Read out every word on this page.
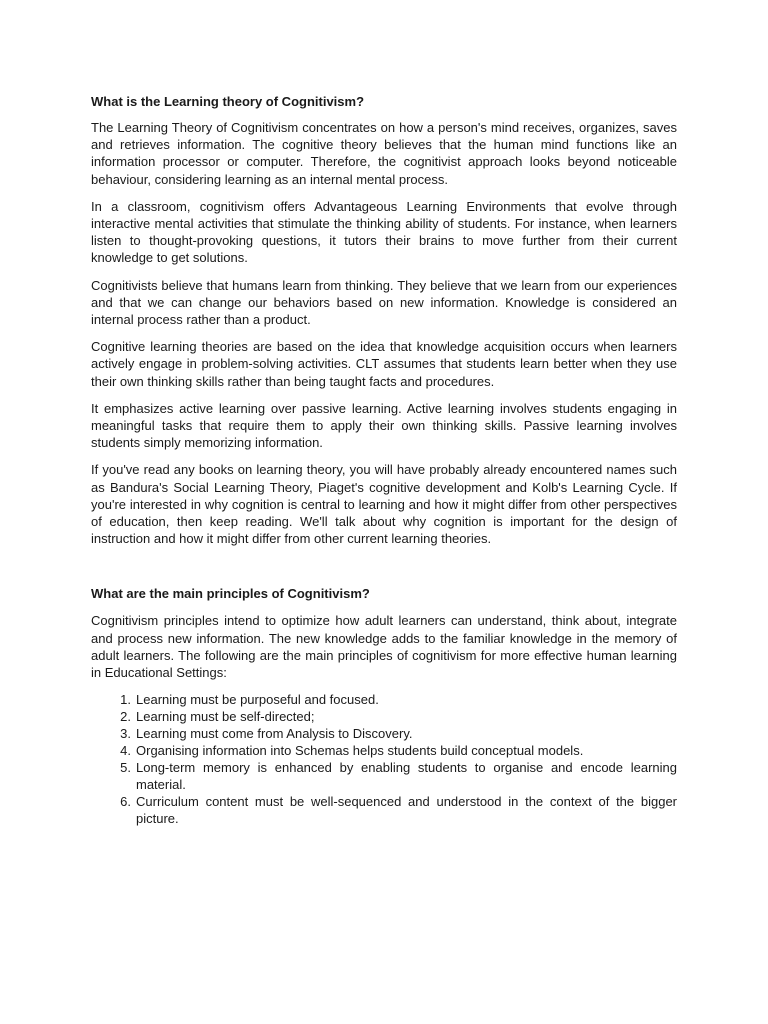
What is the Learning theory of Cognitivism?

The Learning Theory of Cognitivism concentrates on how a person's mind receives, organizes, saves and retrieves information. The cognitive theory believes that the human mind functions like an information processor or computer. Therefore, the cognitivist approach looks beyond noticeable behaviour, considering learning as an internal mental process.

In a classroom, cognitivism offers Advantageous Learning Environments that evolve through interactive mental activities that stimulate the thinking ability of students. For instance, when learners listen to thought-provoking questions, it tutors their brains to move further from their current knowledge to get solutions.

Cognitivists believe that humans learn from thinking. They believe that we learn from our experiences and that we can change our behaviors based on new information. Knowledge is considered an internal process rather than a product.

Cognitive learning theories are based on the idea that knowledge acquisition occurs when learners actively engage in problem-solving activities. CLT assumes that students learn better when they use their own thinking skills rather than being taught facts and procedures.

It emphasizes active learning over passive learning. Active learning involves students engaging in meaningful tasks that require them to apply their own thinking skills. Passive learning involves students simply memorizing information.

If you've read any books on learning theory, you will have probably already encountered names such as Bandura's Social Learning Theory, Piaget's cognitive development and Kolb's Learning Cycle. If you're interested in why cognition is central to learning and how it might differ from other perspectives of education, then keep reading. We'll talk about why cognition is important for the design of instruction and how it might differ from other current learning theories.

What are the main principles of Cognitivism?

Cognitivism principles intend to optimize how adult learners can understand, think about, integrate and process new information. The new knowledge adds to the familiar knowledge in the memory of adult learners. The following are the main principles of cognitivism for more effective human learning in Educational Settings:

1. Learning must be purposeful and focused.
2. Learning must be self-directed;
3. Learning must come from Analysis to Discovery.
4. Organising information into Schemas helps students build conceptual models.
5. Long-term memory is enhanced by enabling students to organise and encode learning material.
6. Curriculum content must be well-sequenced and understood in the context of the bigger picture.
